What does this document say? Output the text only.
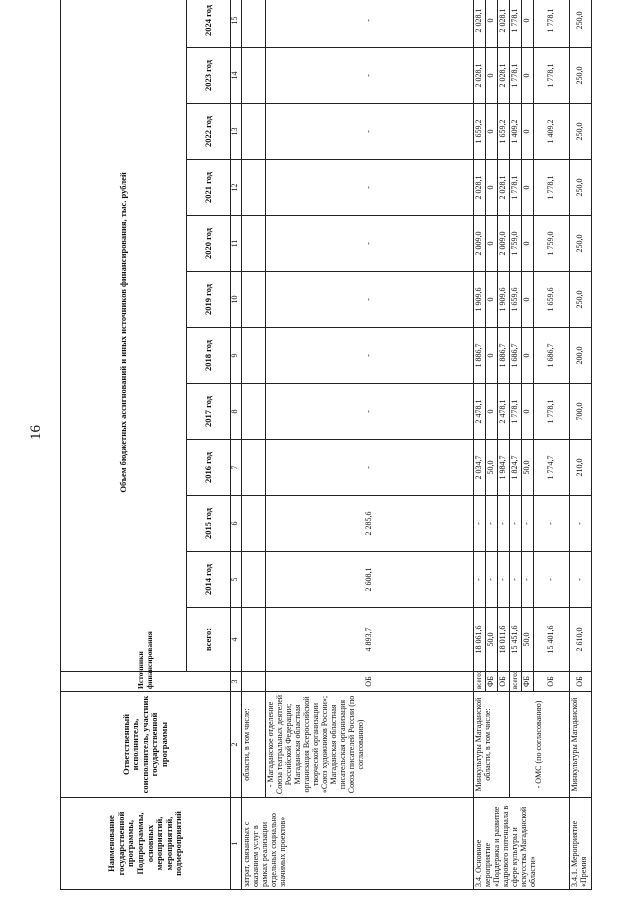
16
Наименование государственной программы, Подпрограммы, основных мероприятий, мероприятий, подмероприятий	Ответственный исполнитель, соисполнитель, участник государственной программы	Источники финансирования	Объем бюджетных ассигнований и иных источников финансирования, тыс. рублей											
			всего:	2014 год	2015 год	2016 год	2017 год	2018 год	2019 год	2020 год	2021 год	2022 год	2023 год	2024 год
1	2	3	4	5	6	7	8	9	10	11	12	13	14	15
затрат, связанных с оказанием услуг в рамках реализации отдельных социально значимых проектов»	области, в том числе:													
	- Магаданское отделение Союза театральных деятелей Российской Федерации; Магаданская областная организация Всероссийской творческой организации «Союз художников России»; Магаданская областная писательская организация Союза писателей России (по согласованию)	ОБ	4 893,7	2 608,1	2 285,6	-	-	-	-	-	-	-	-	-
3.4. Основное мероприятие «Поддержка и развитие кадрового потенциала в сфере культуры и искусства Магаданской области»	Минкультуры Магаданской области, в том числе:	всего:	18 061,6	-	-	2 034,7	2 478,1	1 886,7	1 909,6	2 009,0	2 028,1	1 659,2	2 028,1	2 028,1
		ФБ	50,0	-	-	50,0	0	0	0	0	0	0	0	0
		ОБ	18 011,6	-	-	1 984,7	2 478,1	1 886,7	1 909,6	2 009,0	2 028,1	1 659,2	2 028,1	2 028,1
	- ОМС (по согласованию)	всего:	15 451,6	-	-	1 824,7	1 778,1	1 686,7	1 659,6	1 759,0	1 778,1	1 409,2	1 778,1	1 778,1
		ФБ	50,0	-	-	50,0	0	0	0	0	0	0	0	0
		ОБ	15 401,6	-	-	1 774,7	1 778,1	1 686,7	1 659,6	1 759,0	1 778,1	1 409,2	1 778,1	1 778,1
3.4.1. Мероприятие «Премия	Минкультуры Магаданской	ОБ	2 610,0	-	-	210,0	700,0	200,0	250,0	250,0	250,0	250,0	250,0	250,0
